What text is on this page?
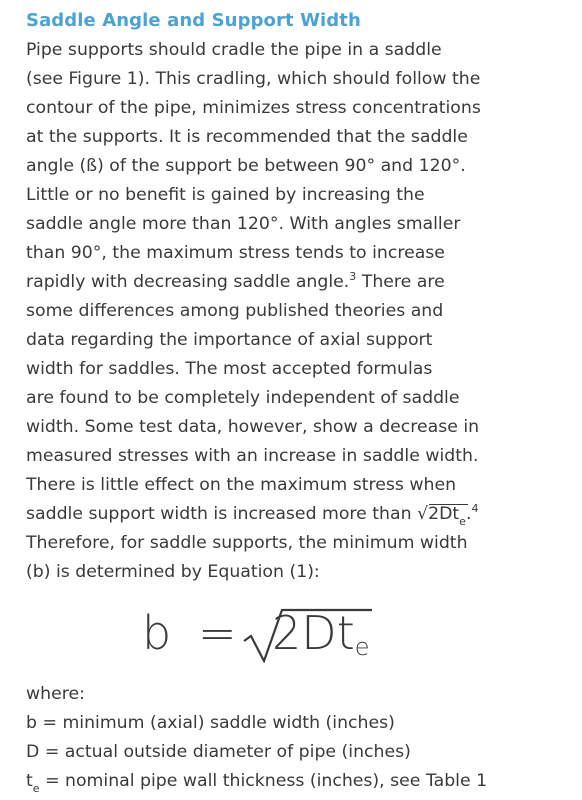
Saddle Angle and Support Width
Pipe supports should cradle the pipe in a saddle
(see Figure 1). This cradling, which should follow the
contour of the pipe, minimizes stress concentrations
at the supports. It is recommended that the saddle
angle (ß) of the support be between 90° and 120°.
Little or no benefit is gained by increasing the
saddle angle more than 120°. With angles smaller
than 90°, the maximum stress tends to increase
rapidly with decreasing saddle angle.$^3$ There are
some differences among published theories and
data regarding the importance of axial support
width for saddles. The most accepted formulas
are found to be completely independent of saddle
width. Some test data, however, show a decrease in
measured stresses with an increase in saddle width.
There is little effect on the maximum stress when
saddle support width is increased more than $√2Dt_e.^4$
Therefore, for saddle supports, the minimum width
(b) is determined by Equation (1):
b = 2Dte
where:
b = minimum (axial) saddle width (inches)
D = actual outside diameter of pipe (inches)
$t_e$ = nominal pipe wall thickness (inches), see Table 1
